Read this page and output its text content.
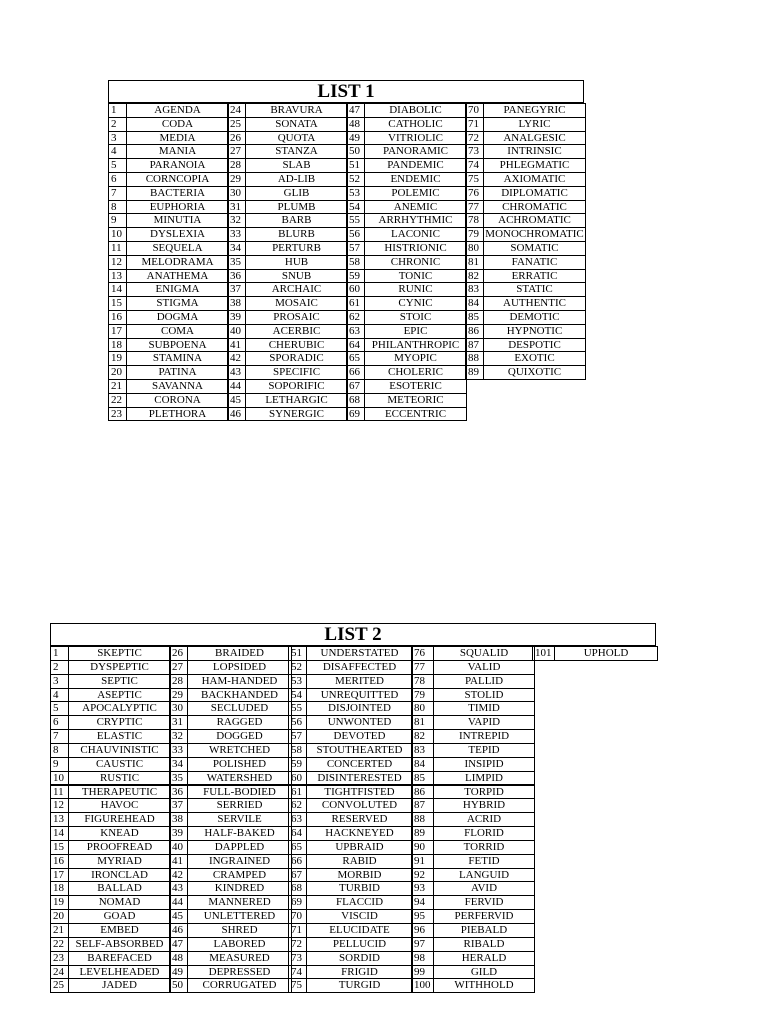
LIST 1
1	AGENDA
2	CODA
3	MEDIA
4	MANIA
5	PARANOIA
6	CORNCOPIA
7	BACTERIA
8	EUPHORIA
9	MINUTIA
10	DYSLEXIA
11	SEQUELA
12	MELODRAMA
13	ANATHEMA
14	ENIGMA
15	STIGMA
16	DOGMA
17	COMA
18	SUBPOENA
19	STAMINA
20	PATINA
21	SAVANNA
22	CORONA
23	PLETHORA
24	BRAVURA
25	SONATA
26	QUOTA
27	STANZA
28	SLAB
29	AD-LIB
30	GLIB
31	PLUMB
32	BARB
33	BLURB
34	PERTURB
35	HUB
36	SNUB
37	ARCHAIC
38	MOSAIC
39	PROSAIC
40	ACERBIC
41	CHERUBIC
42	SPORADIC
43	SPECIFIC
44	SOPORIFIC
45	LETHARGIC
46	SYNERGIC
47	DIABOLIC
48	CATHOLIC
49	VITRIOLIC
50	PANORAMIC
51	PANDEMIC
52	ENDEMIC
53	POLEMIC
54	ANEMIC
55	ARRHYTHMIC
56	LACONIC
57	HISTRIONIC
58	CHRONIC
59	TONIC
60	RUNIC
61	CYNIC
62	STOIC
63	EPIC
64	PHILANTHROPIC
65	MYOPIC
66	CHOLERIC
67	ESOTERIC
68	METEORIC
69	ECCENTRIC
70	PANEGYRIC
71	LYRIC
72	ANALGESIC
73	INTRINSIC
74	PHLEGMATIC
75	AXIOMATIC
76	DIPLOMATIC
77	CHROMATIC
78	ACHROMATIC
79 MONOCHROMATIC
80	SOMATIC
81	FANATIC
82	ERRATIC
83	STATIC
84	AUTHENTIC
85	DEMOTIC
86	HYPNOTIC
87	DESPOTIC
88	EXOTIC
89	QUIXOTIC
LIST 2
1	SKEPTIC
2	DYSPEPTIC
3	SEPTIC
4	ASEPTIC
5	APOCALYPTIC
6	CRYPTIC
7	ELASTIC
8	CHAUVINISTIC
9	CAUSTIC
10	RUSTIC
11	THERAPEUTIC
12	HAVOC
13	FIGUREHEAD
14	KNEAD
15	PROOFREAD
16	MYRIAD
17	IRONCLAD
18	BALLAD
19	NOMAD
20	GOAD
21	EMBED
22	SELF-ABSORBED
23	BAREFACED
24	LEVELHEADED
25	JADED
26	BRAIDED
27	LOPSIDED
28	HAM-HANDED
29	BACKHANDED
30	SECLUDED
31	RAGGED
32	DOGGED
33	WRETCHED
34	POLISHED
35	WATERSHED
36	FULL-BODIED
37	SERRIED
38	SERVILE
39	HALF-BAKED
40	DAPPLED
41	INGRAINED
42	CRAMPED
43	KINDRED
44	MANNERED
45	UNLETTERED
46	SHRED
47	LABORED
48	MEASURED
49	DEPRESSED
50	CORRUGATED
51	UNDERSTATED
52	DISAFFECTED
53	MERITED
54	UNREQUITTED
55	DISJOINTED
56	UNWONTED
57	DEVOTED
58	STOUTHEARTED
59	CONCERTED
60	DISINTERESTED
61	TIGHTFISTED
62	CONVOLUTED
63	RESERVED
64	HACKNEYED
65	UPBRAID
66	RABID
67	MORBID
68	TURBID
69	FLACCID
70	VISCID
71	ELUCIDATE
72	PELLUCID
73	SORDID
74	FRIGID
75	TURGID
76	SQUALID
77	VALID
78	PALLID
79	STOLID
80	TIMID
81	VAPID
82	INTREPID
83	TEPID
84	INSIPID
85	LIMPID
86	TORPID
87	HYBRID
88	ACRID
89	FLORID
90	TORRID
91	FETID
92	LANGUID
93	AVID
94	FERVID
95	PERFERVID
96	PIEBALD
97	RIBALD
98	HERALD
99	GILD
100	WITHHOLD
101	UPHOLD
